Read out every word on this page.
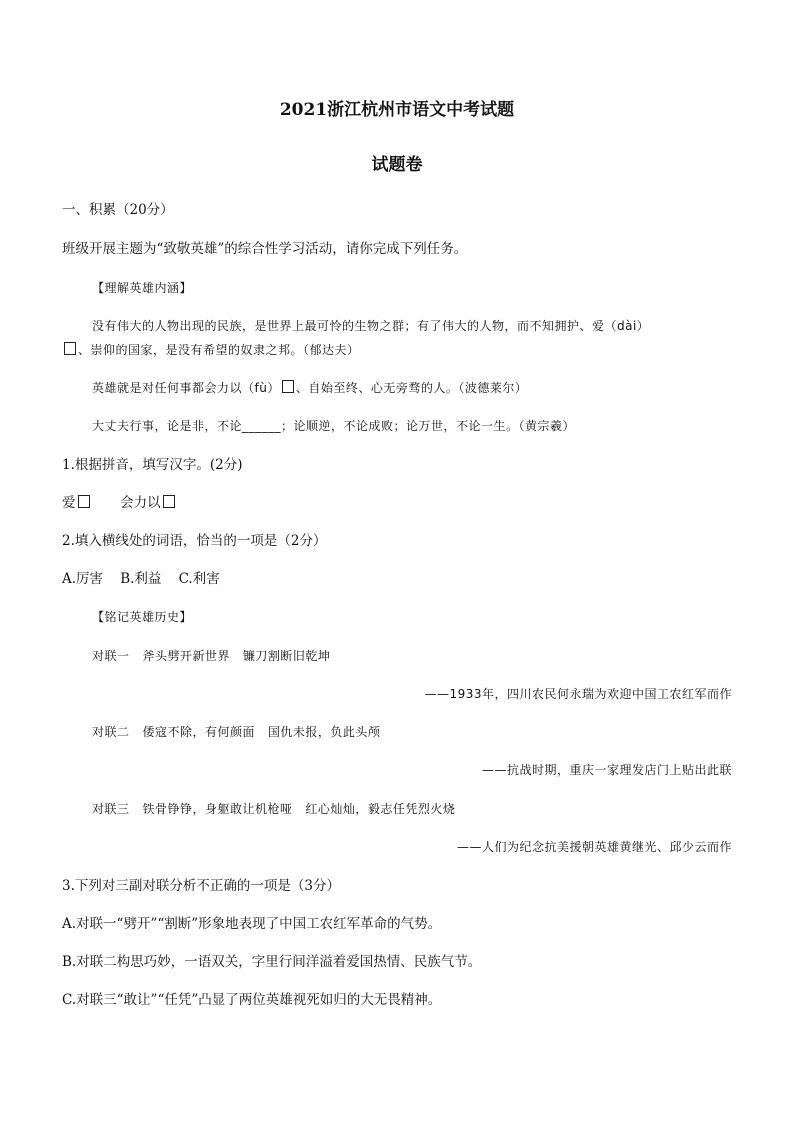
2021浙江杭州市语文中考试题
试题卷
一、积累（20分）
班级开展主题为“致敬英雄”的综合性学习活动，请你完成下列任务。
【理解英雄内涵】
没有伟大的人物出现的民族，是世界上最可怜的生物之群；有了伟大的人物，而不知拥护、爱（dài）
、崇仰的国家，是没有希望的奴隶之邦。（郁达夫）
英雄就是对任何事都会力以（fù） 、自始至终、心无旁骛的人。（波德莱尔）
大丈夫行事，论是非，不论______；论顺逆，不论成败；论万世，不论一生。（黄宗羲）
1.根据拼音，填写汉字。(2分)
爱	会力以
2.填入横线处的词语，恰当的一项是（2分）
A.厉害    B.利益    C.利害
【铭记英雄历史】
对联一   斧头劈开新世界   镰刀割断旧乾坤
——1933年，四川农民何永瑞为欢迎中国工农红军而作
对联二   倭寇不除，有何颜面   国仇未报，负此头颅
——抗战时期，重庆一家理发店门上贴出此联
对联三   铁骨铮铮，身躯敢让机枪哑   红心灿灿，毅志任凭烈火烧
——人们为纪念抗美援朝英雄黄继光、邱少云而作
3.下列对三副对联分析不正确的一项是（3分）
A.对联一“劈开”“割断”形象地表现了中国工农红军革命的气势。
B.对联二构思巧妙，一语双关，字里行间洋溢着爱国热情、民族气节。
C.对联三“敢让”“任凭”凸显了两位英雄视死如归的大无畏精神。
